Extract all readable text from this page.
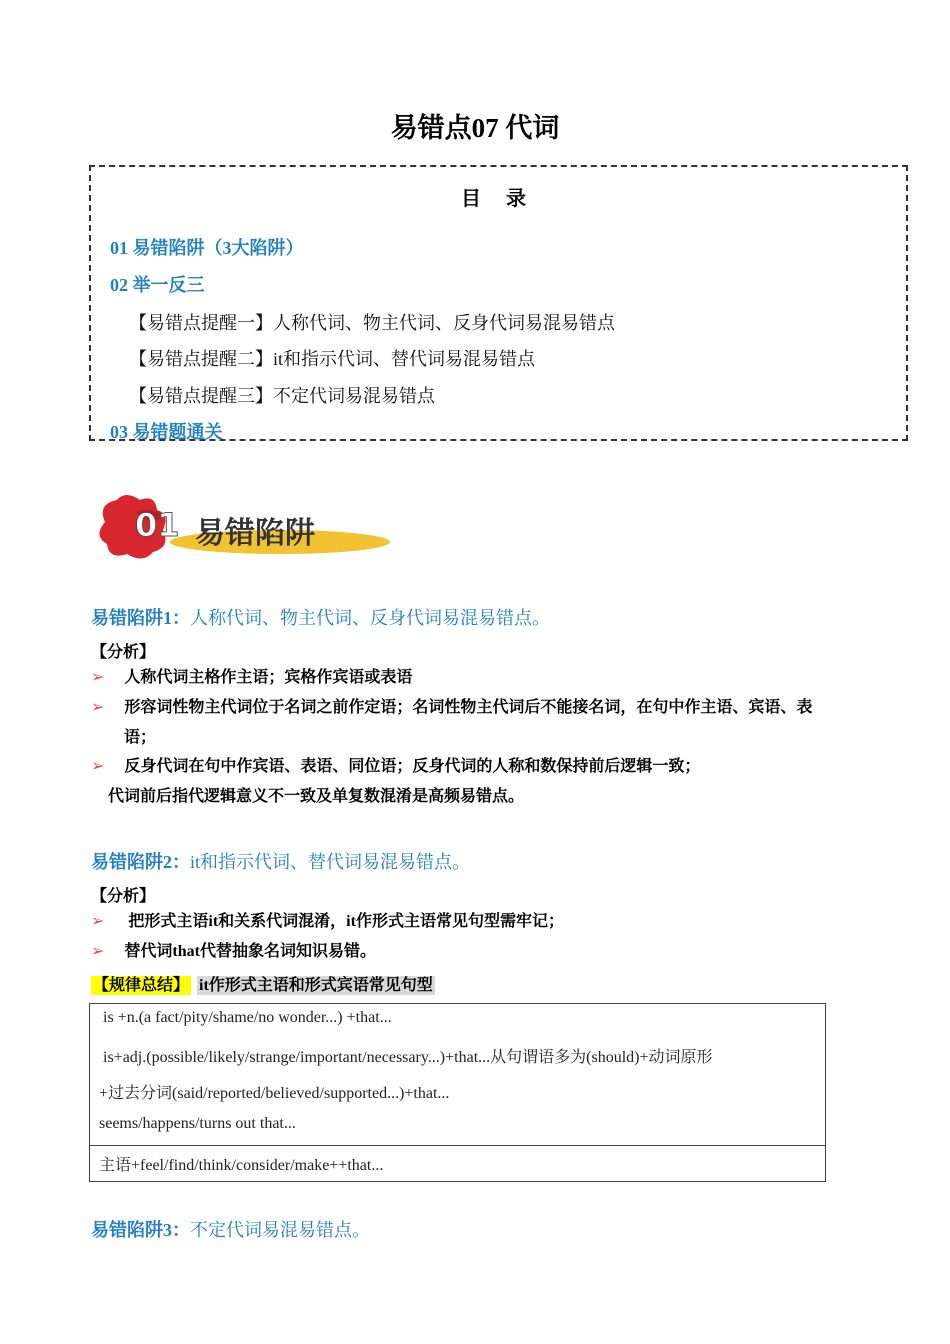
易错点07 代词
目 录
01 易错陷阱（3大陷阱）
02 举一反三
【易错点提醒一】人称代词、物主代词、反身代词易混易错点
【易错点提醒二】it和指示代词、替代词易混易错点
【易错点提醒三】不定代词易混易错点
03 易错题通关
01 易错陷阱
易错陷阱1：人称代词、物主代词、反身代词易混易错点。
【分析】
➢ 人称代词主格作主语；宾格作宾语或表语
➢ 形容词性物主代词位于名词之前作定语；名词性物主代词后不能接名词，在句中作主语、宾语、表
语；
➢ 反身代词在句中作宾语、表语、同位语；反身代词的人称和数保持前后逻辑一致；
代词前后指代逻辑意义不一致及单复数混淆是高频易错点。
易错陷阱2：it和指示代词、替代词易混易错点。
【分析】
➢ 把形式主语it和关系代词混淆，it作形式主语常见句型需牢记；
➢ 替代词that代替抽象名词知识易错。
【规律总结】 it作形式主语和形式宾语常见句型
is +n.(a fact/pity/shame/no wonder...) +that...
is+adj.(possible/likely/strange/important/necessary...)+that...从句谓语多为(should)+动词原形
+过去分词(said/reported/believed/supported...)+that...
seems/happens/turns out that...
主语+feel/find/think/consider/make++that...
易错陷阱3：不定代词易混易错点。
